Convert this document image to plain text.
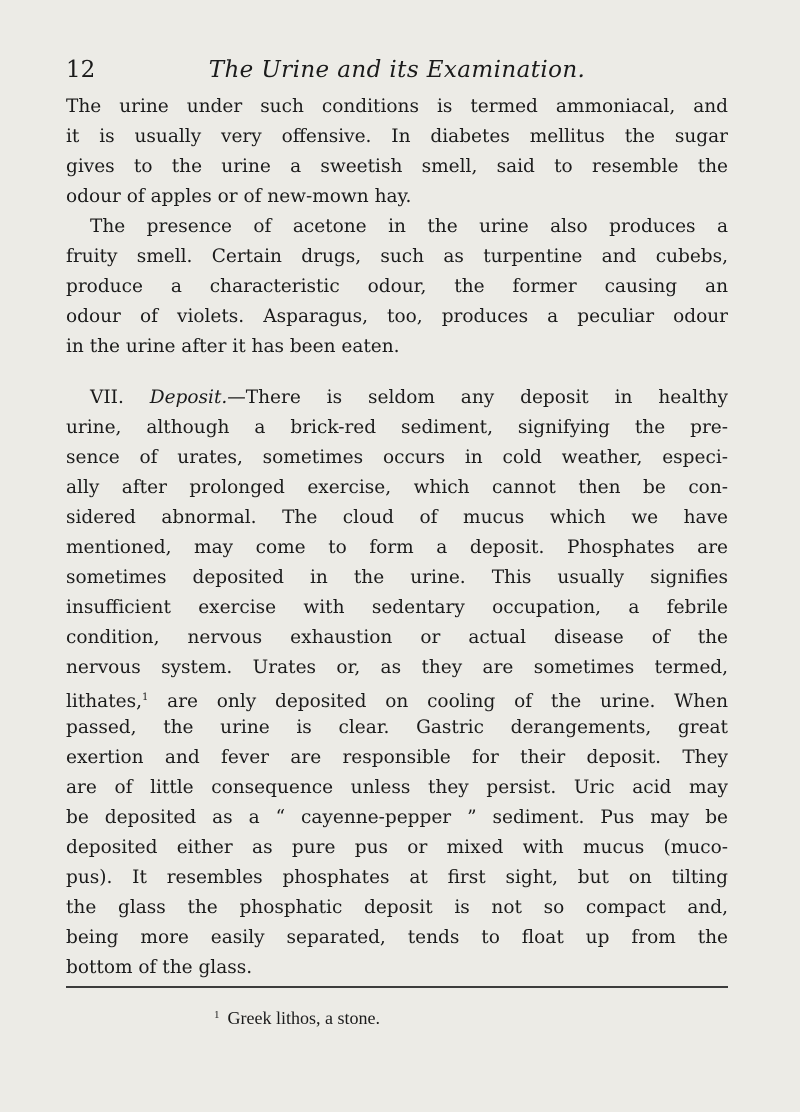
12	The Urine and its Examination.
The urine under such conditions is termed ammoniacal, and
it is usually very offensive. In diabetes mellitus the sugar
gives to the urine a sweetish smell, said to resemble the
odour of apples or of new-mown hay.
The presence of acetone in the urine also produces a
fruity smell. Certain drugs, such as turpentine and cubebs,
produce a characteristic odour, the former causing an
odour of violets. Asparagus, too, produces a peculiar odour
in the urine after it has been eaten.
VII. Deposit.—There is seldom any deposit in healthy
urine, although a brick-red sediment, signifying the pre-
sence of urates, sometimes occurs in cold weather, especi-
ally after prolonged exercise, which cannot then be con-
sidered abnormal. The cloud of mucus which we have
mentioned, may come to form a deposit. Phosphates are
sometimes deposited in the urine. This usually signifies
insufficient exercise with sedentary occupation, a febrile
condition, nervous exhaustion or actual disease of the
nervous system. Urates or, as they are sometimes termed,
lithates,$^1$ are only deposited on cooling of the urine. When
passed, the urine is clear. Gastric derangements, great
exertion and fever are responsible for their deposit. They
are of little consequence unless they persist. Uric acid may
be deposited as a “ cayenne-pepper ” sediment. Pus may be
deposited either as pure pus or mixed with mucus (muco-
pus). It resembles phosphates at first sight, but on tilting
the glass the phosphatic deposit is not so compact and,
being more easily separated, tends to float up from the
bottom of the glass.
$^1$ Greek lithos, a stone.
